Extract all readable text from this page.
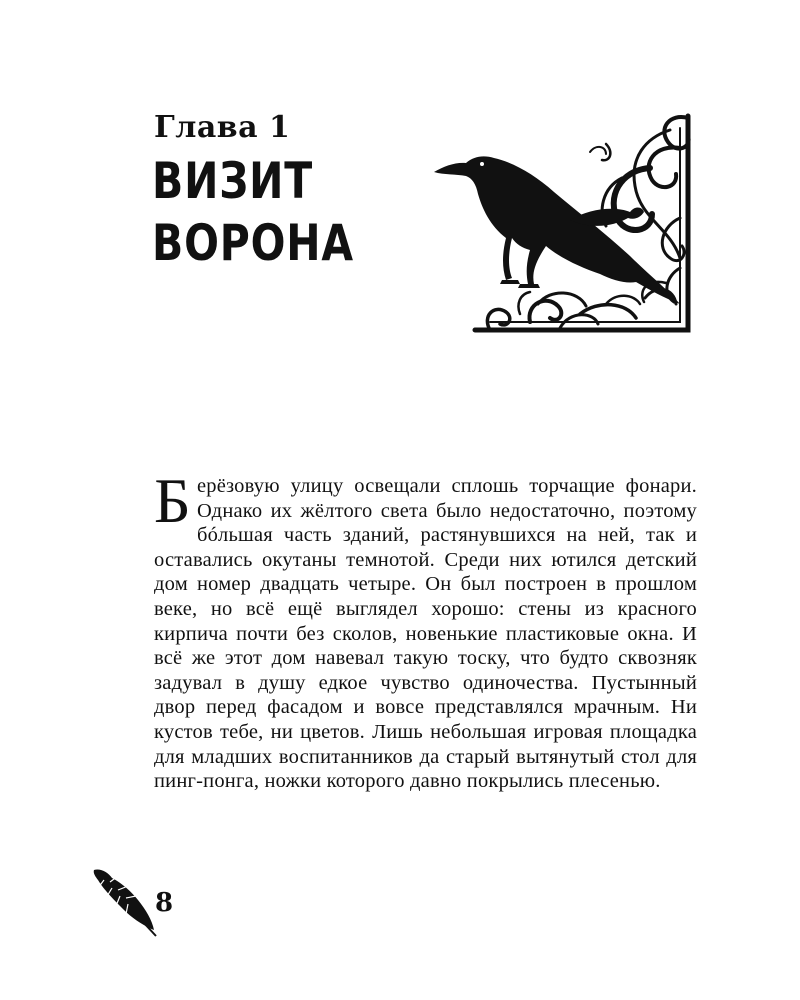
Глава 1
ВИЗИТ
ВОРОНА

Берёзовую улицу освещали сплошь торчащие фонари. Однако их жёлтого света было недостаточно, поэтому бóльшая часть зданий, растянувшихся на ней, так и оставались окутаны темнотой. Среди них ютился детский дом номер двадцать четыре. Он был построен в прошлом веке, но всё ещё выглядел хорошо: стены из красного кирпича почти без сколов, новенькие пластиковые окна. И всё же этот дом навевал такую тоску, что будто сквозняк задувал в душу едкое чувство одиночества. Пустынный двор перед фасадом и вовсе представлялся мрачным. Ни кустов тебе, ни цветов. Лишь небольшая игровая площадка для младших воспитанников да старый вытянутый стол для пинг-понга, ножки которого давно покрылись плесенью.

8
